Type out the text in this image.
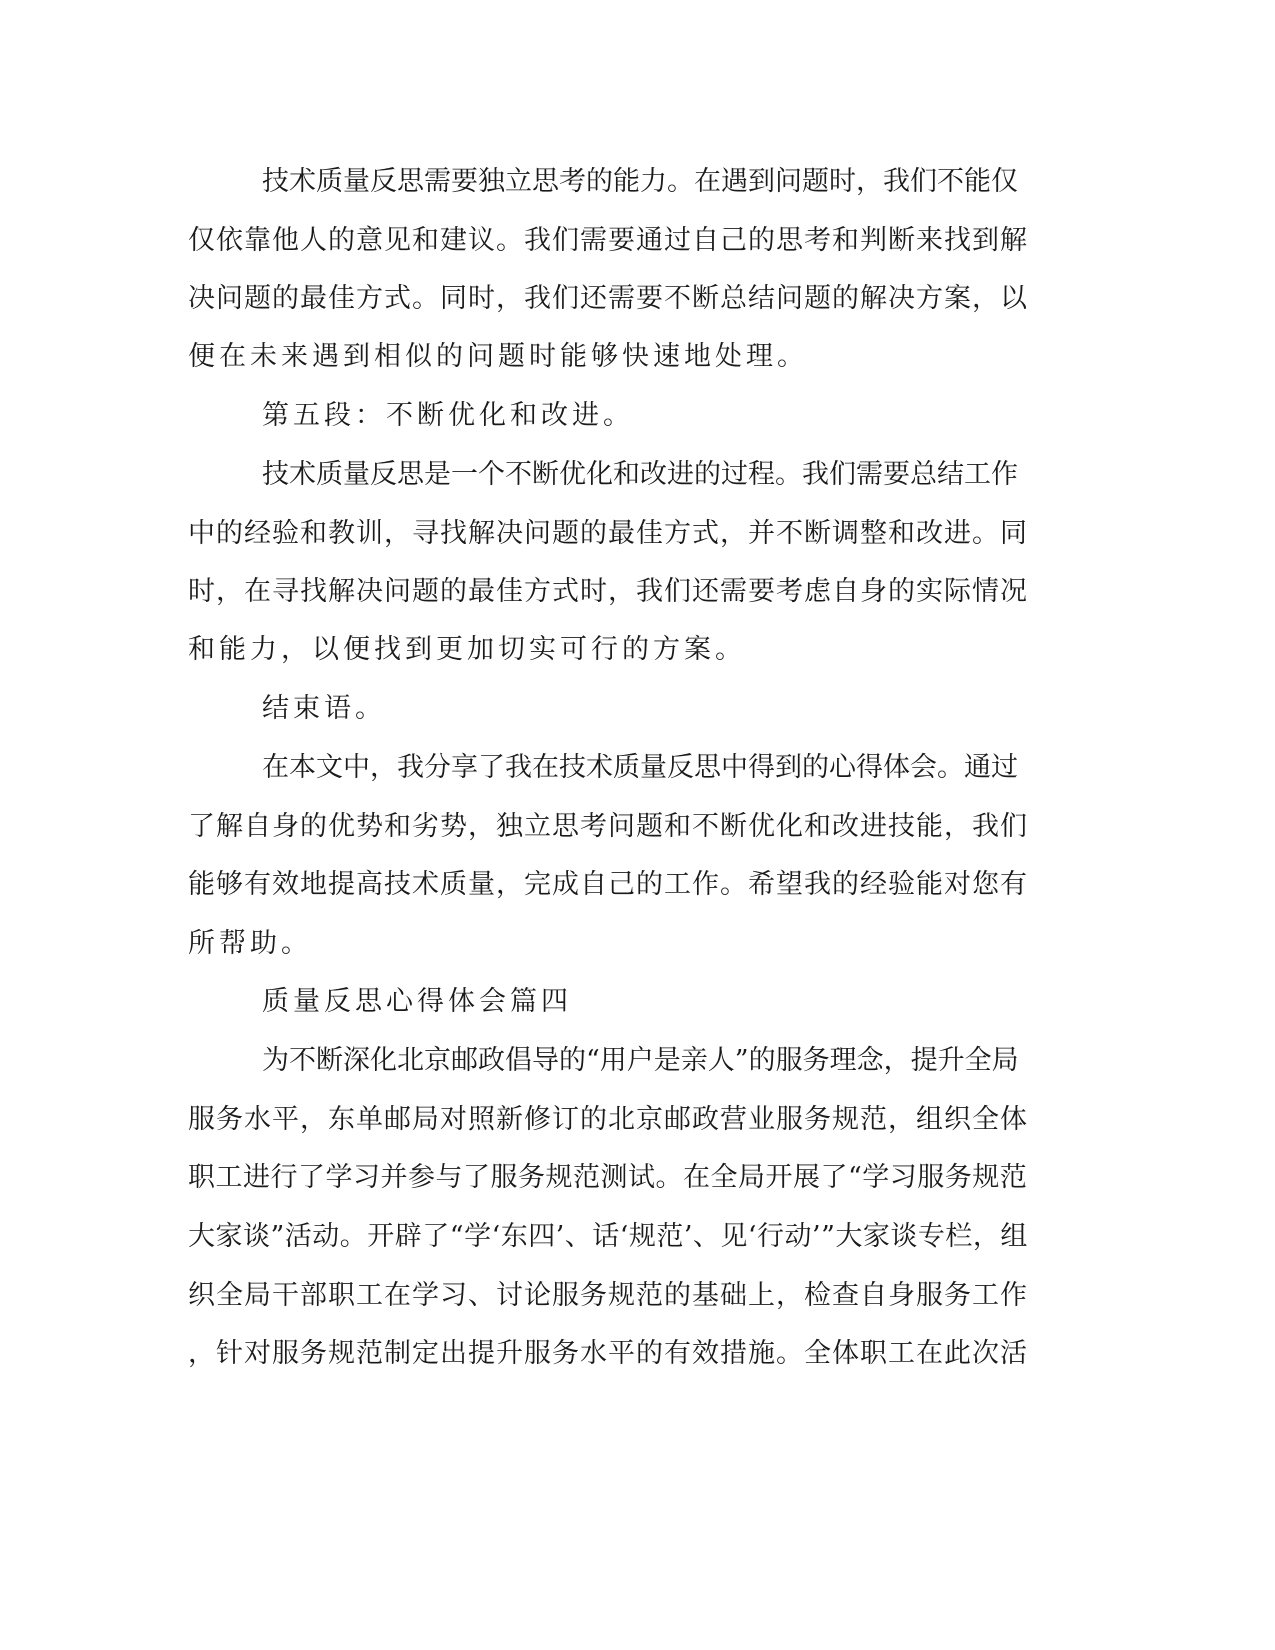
技术质量反思需要独立思考的能力。在遇到问题时，我们不能仅
仅依靠他人的意见和建议。我们需要通过自己的思考和判断来找到解
决问题的最佳方式。同时，我们还需要不断总结问题的解决方案，以
便在未来遇到相似的问题时能够快速地处理。
第五段：不断优化和改进。
技术质量反思是一个不断优化和改进的过程。我们需要总结工作
中的经验和教训，寻找解决问题的最佳方式，并不断调整和改进。同
时，在寻找解决问题的最佳方式时，我们还需要考虑自身的实际情况
和能力，以便找到更加切实可行的方案。
结束语。
在本文中，我分享了我在技术质量反思中得到的心得体会。通过
了解自身的优势和劣势，独立思考问题和不断优化和改进技能，我们
能够有效地提高技术质量，完成自己的工作。希望我的经验能对您有
所帮助。
质量反思心得体会篇四
为不断深化北京邮政倡导的“用户是亲人”的服务理念，提升全局
服务水平，东单邮局对照新修订的北京邮政营业服务规范，组织全体
职工进行了学习并参与了服务规范测试。在全局开展了“学习服务规范
大家谈”活动。开辟了“学‘东四’、话‘规范’、见‘行动’”大家谈专栏，组
织全局干部职工在学习、讨论服务规范的基础上，检查自身服务工作
，针对服务规范制定出提升服务水平的有效措施。全体职工在此次活
